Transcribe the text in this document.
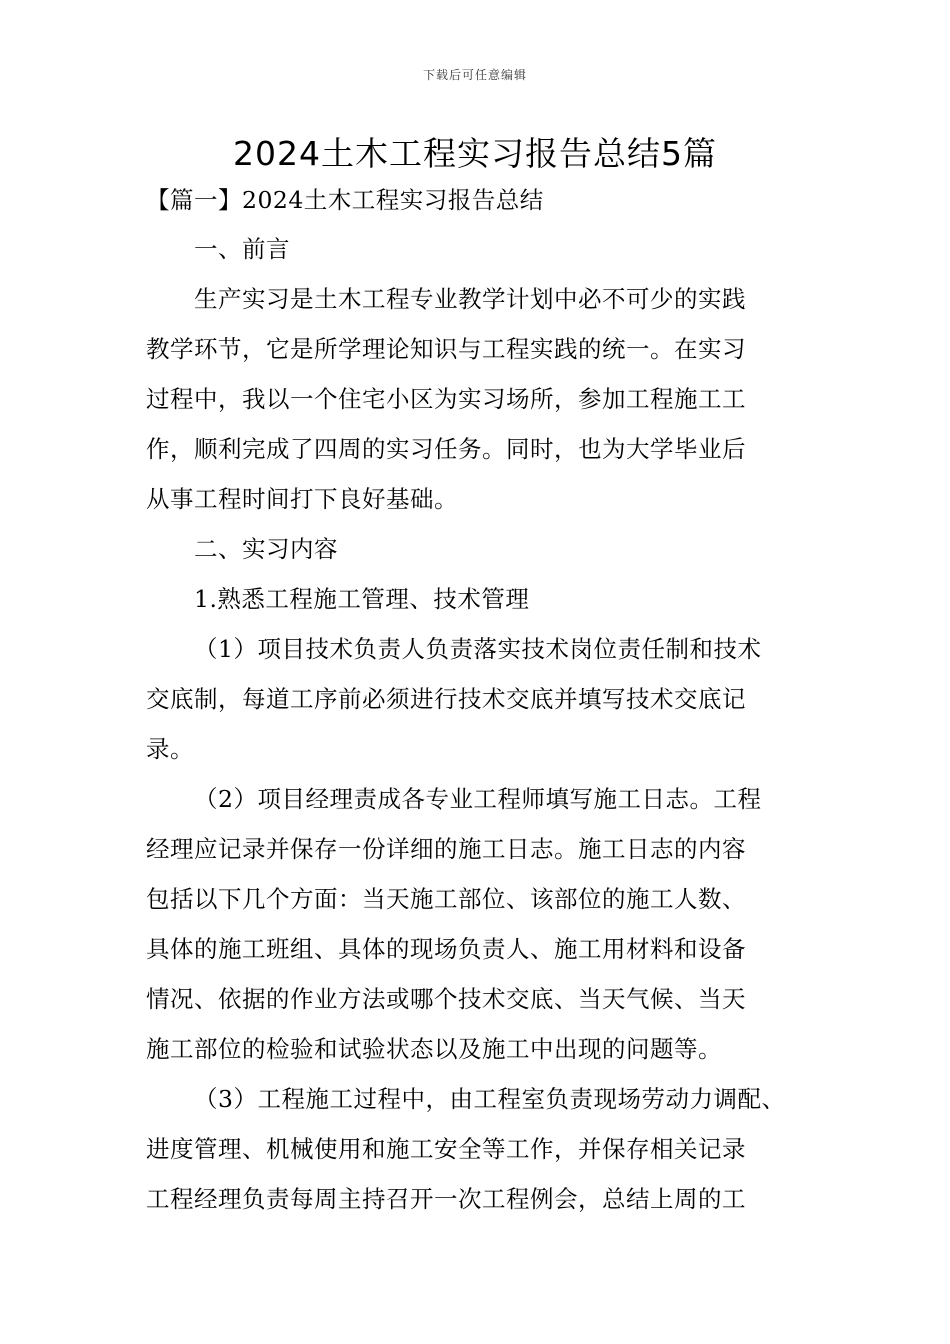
下载后可任意编辑
2024土木工程实习报告总结5篇
【篇一】2024土木工程实习报告总结
一、前言
生产实习是土木工程专业教学计划中必不可少的实践
教学环节，它是所学理论知识与工程实践的统一。在实习
过程中，我以一个住宅小区为实习场所，参加工程施工工
作，顺利完成了四周的实习任务。同时，也为大学毕业后
从事工程时间打下良好基础。
二、实习内容
1.熟悉工程施工管理、技术管理
（1）项目技术负责人负责落实技术岗位责任制和技术
交底制，每道工序前必须进行技术交底并填写技术交底记
录。
（2）项目经理责成各专业工程师填写施工日志。工程
经理应记录并保存一份详细的施工日志。施工日志的内容
包括以下几个方面：当天施工部位、该部位的施工人数、
具体的施工班组、具体的现场负责人、施工用材料和设备
情况、依据的作业方法或哪个技术交底、当天气候、当天
施工部位的检验和试验状态以及施工中出现的问题等。
（3）工程施工过程中，由工程室负责现场劳动力调配、
进度管理、机械使用和施工安全等工作，并保存相关记录
工程经理负责每周主持召开一次工程例会，总结上周的工
